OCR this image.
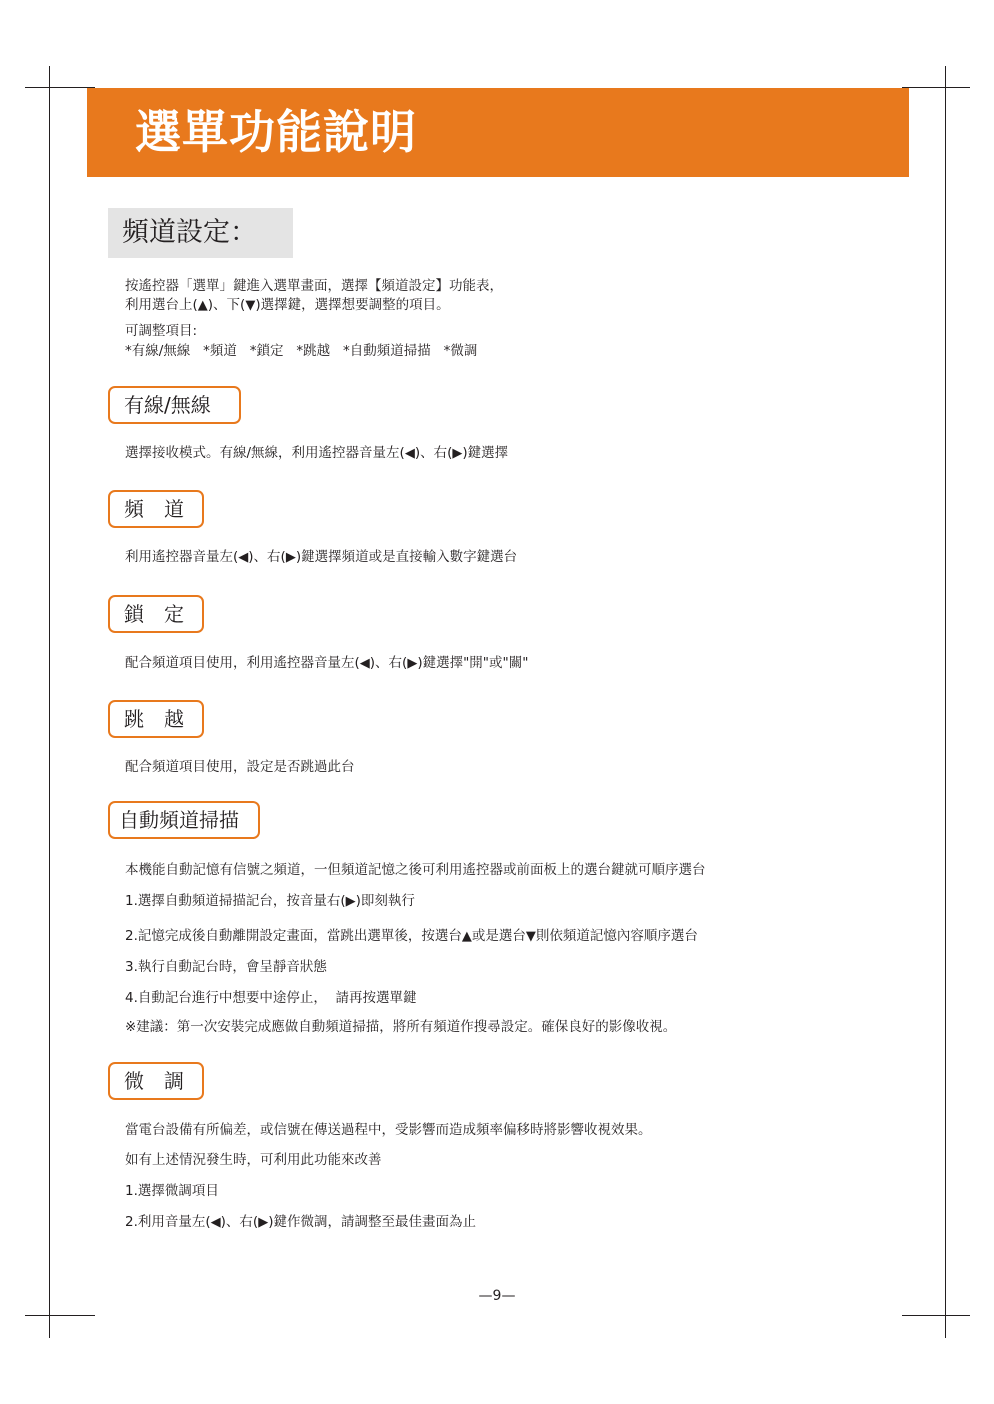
選單功能說明
頻道設定：
按遙控器「選單」鍵進入選單畫面，選擇【頻道設定】功能表，
利用選台上(▲)、下(▼)選擇鍵，選擇想要調整的項目。
可調整項目:
*有線/無線   *頻道   *鎖定   *跳越   *自動頻道掃描   *微調
有線/無線
選擇接收模式。有線/無線，利用遙控器音量左(◀)、右(▶)鍵選擇
頻道
利用遙控器音量左(◀)、右(▶)鍵選擇頻道或是直接輸入數字鍵選台
鎖定
配合頻道項目使用，利用遙控器音量左(◀)、右(▶)鍵選擇"開"或"關"
跳越
配合頻道項目使用，設定是否跳過此台
自動頻道掃描
本機能自動記憶有信號之頻道，一但頻道記憶之後可利用遙控器或前面板上的選台鍵就可順序選台
1.選擇自動頻道掃描記台，按音量右(▶)即刻執行
2.記憶完成後自動離開設定畫面，當跳出選單後，按選台▲或是選台▼則依頻道記憶內容順序選台
3.執行自動記台時，會呈靜音狀態
4.自動記台進行中想要中途停止，  請再按選單鍵
※建議：第一次安裝完成應做自動頻道掃描，將所有頻道作搜尋設定。確保良好的影像收視。
微調
當電台設備有所偏差，或信號在傳送過程中，受影響而造成頻率偏移時將影響收視效果。
如有上述情況發生時，可利用此功能來改善
1.選擇微調項目
2.利用音量左(◀)、右(▶)鍵作微調，請調整至最佳畫面為止
—9—
